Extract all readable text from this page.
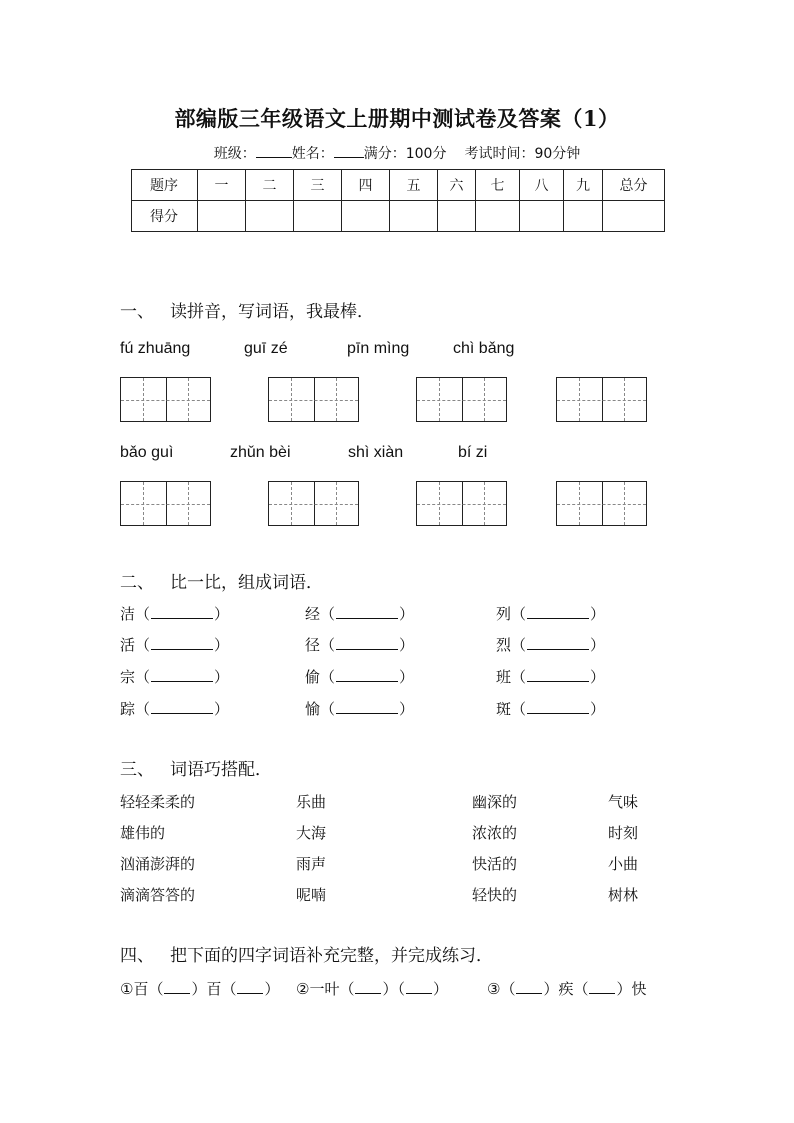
部编版三年级语文上册期中测试卷及答案（1）
班级：	姓名： 满分：100分 考试时间：90分钟
题序	一	二	三	四	五	六	七	八	九	总分
得分										
一、 读拼音，写词语，我最棒．
fú zhuāng	guī zé	pīn mìng	chì bǎng
bǎo guì	zhǔn bèi	shì xiàn	bí zi
二、 比一比，组成词语．
洁（	）	经（	）	列（	）
活（	）	径（	）	烈（	）
宗（	）	偷（	）	班（	）
踪（	）	愉（	）	斑（	）
三、 词语巧搭配．
轻轻柔柔的	乐曲	幽深的	气味
雄伟的	大海	浓浓的	时刻
汹涌澎湃的	雨声	快活的	小曲
滴滴答答的	呢喃	轻快的	树林
四、 把下面的四字词语补充完整，并完成练习．
①百（ ）百（ ） ②一叶（ ）（ ）	③（ ）疾（ ）快
